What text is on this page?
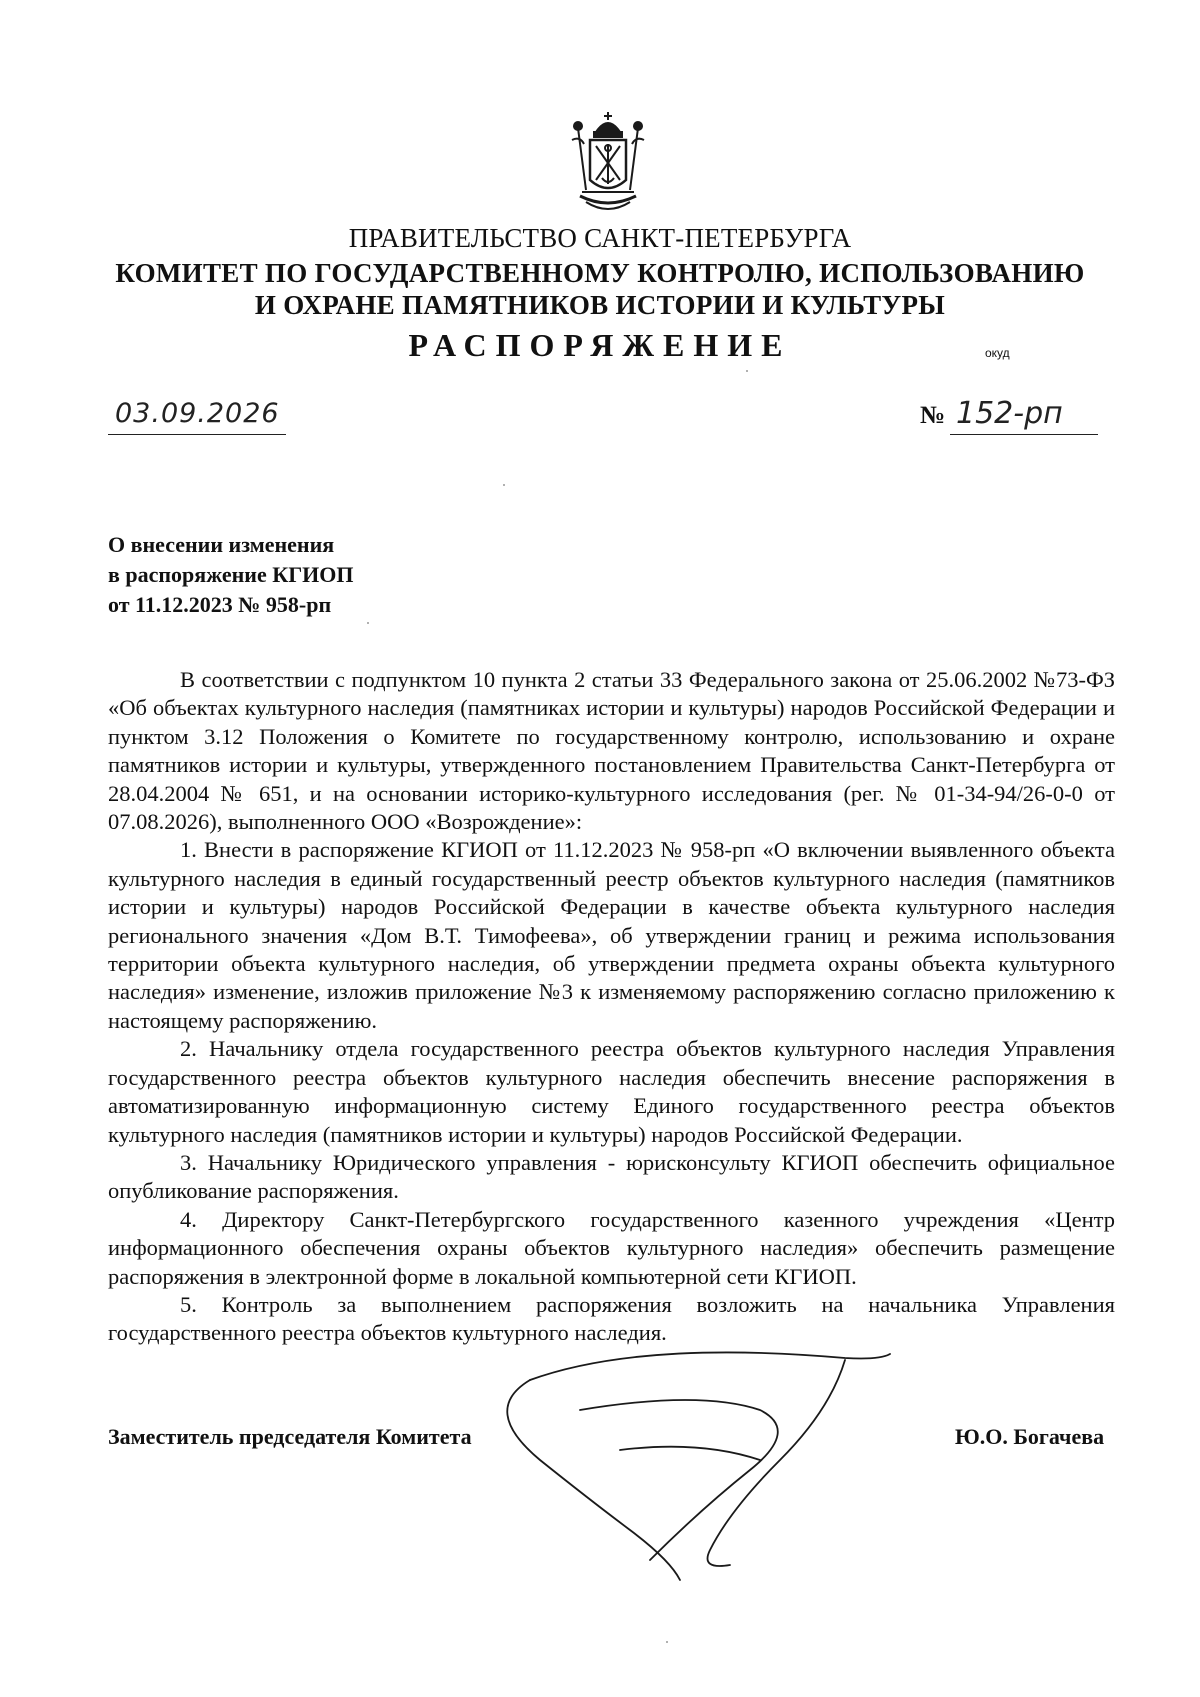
ПРАВИТЕЛЬСТВО САНКТ-ПЕТЕРБУРГА
КОМИТЕТ ПО ГОСУДАРСТВЕННОМУ КОНТРОЛЮ, ИСПОЛЬЗОВАНИЮ
И ОХРАНЕ ПАМЯТНИКОВ ИСТОРИИ И КУЛЬТУРЫ
РАСПОРЯЖЕНИЕ	окуд
03.09.2026	№ 152-рп
О внесении изменения
в распоряжение КГИОП
от 11.12.2023 № 958-рп

В соответствии с подпунктом 10 пункта 2 статьи 33 Федерального закона от 25.06.2002 №73-ФЗ «Об объектах культурного наследия (памятниках истории и культуры) народов Российской Федерации и пунктом 3.12 Положения о Комитете по государственному контролю, использованию и охране памятников истории и культуры, утвержденного постановлением Правительства Санкт-Петербурга от 28.04.2004 № 651, и на основании историко-культурного исследования (рег. № 01-34-94/26-0-0 от 07.08.2026), выполненного ООО «Возрождение»:

1. Внести в распоряжение КГИОП от 11.12.2023 № 958-рп «О включении выявленного объекта культурного наследия в единый государственный реестр объектов культурного наследия (памятников истории и культуры) народов Российской Федерации в качестве объекта культурного наследия регионального значения «Дом В.Т. Тимофеева», об утверждении границ и режима использования территории объекта культурного наследия, об утверждении предмета охраны объекта культурного наследия» изменение, изложив приложение №3 к изменяемому распоряжению согласно приложению к настоящему распоряжению.

2. Начальнику отдела государственного реестра объектов культурного наследия Управления государственного реестра объектов культурного наследия обеспечить внесение распоряжения в автоматизированную информационную систему Единого государственного реестра объектов культурного наследия (памятников истории и культуры) народов Российской Федерации.

3. Начальнику Юридического управления - юрисконсульту КГИОП обеспечить официальное опубликование распоряжения.

4. Директору Санкт-Петербургского государственного казенного учреждения «Центр информационного обеспечения охраны объектов культурного наследия» обеспечить размещение распоряжения в электронной форме в локальной компьютерной сети КГИОП.

5. Контроль за выполнением распоряжения возложить на начальника Управления государственного реестра объектов культурного наследия.

Заместитель председателя Комитета	Ю.О. Богачева
